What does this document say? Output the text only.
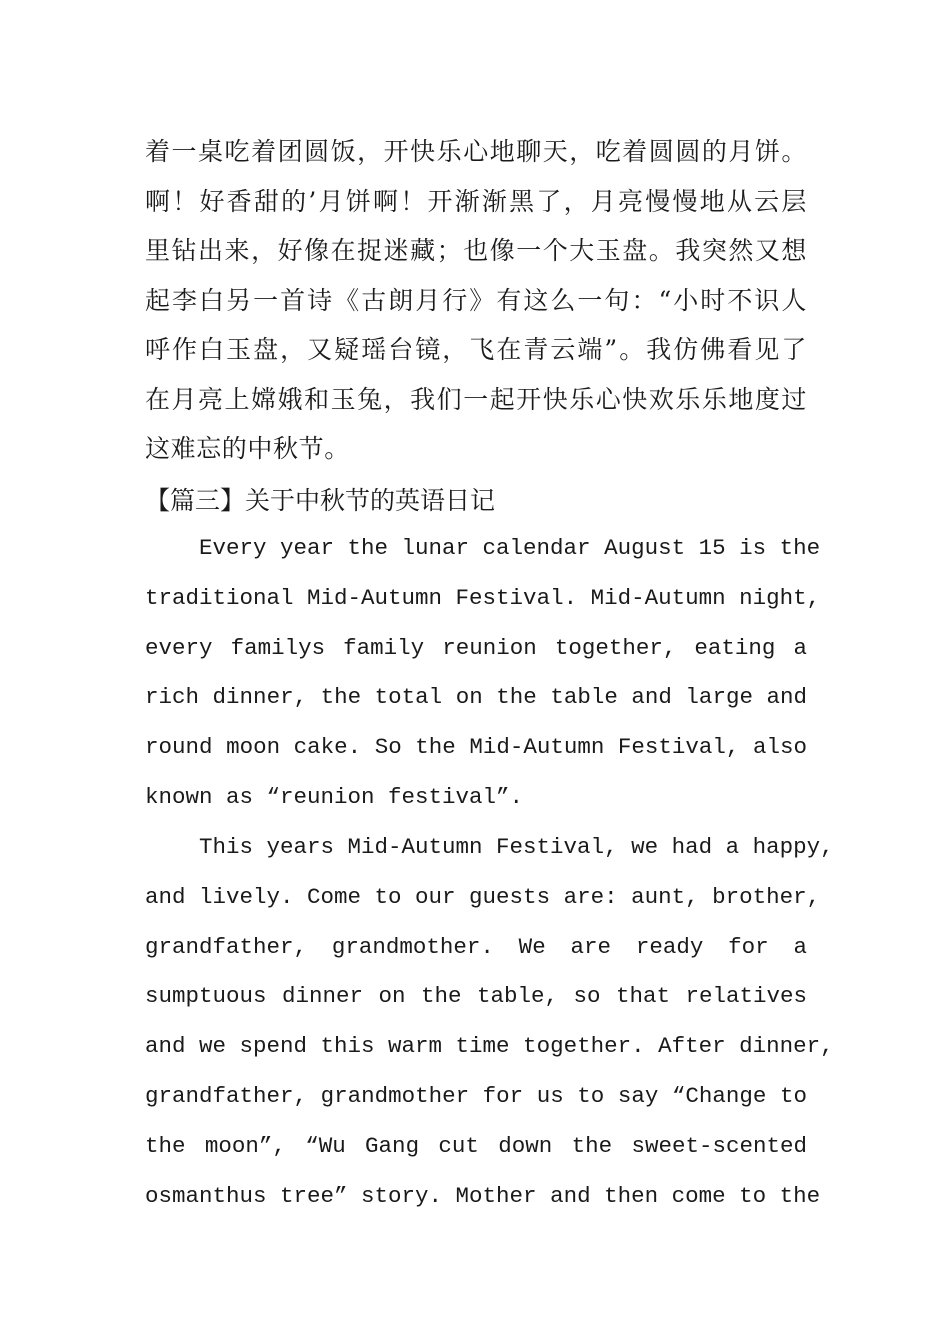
着一桌吃着团圆饭，开快乐心地聊天，吃着圆圆的月饼。
啊！好香甜的’月饼啊！开渐渐黑了，月亮慢慢地从云层
里钻出来，好像在捉迷藏；也像一个大玉盘。我突然又想
起李白另一首诗《古朗月行》有这么一句：“小时不识人
呼作白玉盘，又疑瑶台镜，飞在青云端”。我仿佛看见了
在月亮上嫦娥和玉兔，我们一起开快乐心快欢乐乐地度过
这难忘的中秋节。
【篇三】关于中秋节的英语日记
Every year the lunar calendar August 15 is the
traditional Mid-Autumn Festival. Mid-Autumn night,
every familys family reunion together, eating a
rich dinner, the total on the table and large and
round moon cake. So the Mid-Autumn Festival, also
known as “reunion festival”.
This years Mid-Autumn Festival, we had a happy,
and lively. Come to our guests are: aunt, brother,
grandfather, grandmother. We are ready for a
sumptuous dinner on the table, so that relatives
and we spend this warm time together. After dinner,
grandfather, grandmother for us to say “Change to
the moon”, “Wu Gang cut down the sweet-scented
osmanthus tree” story. Mother and then come to the
